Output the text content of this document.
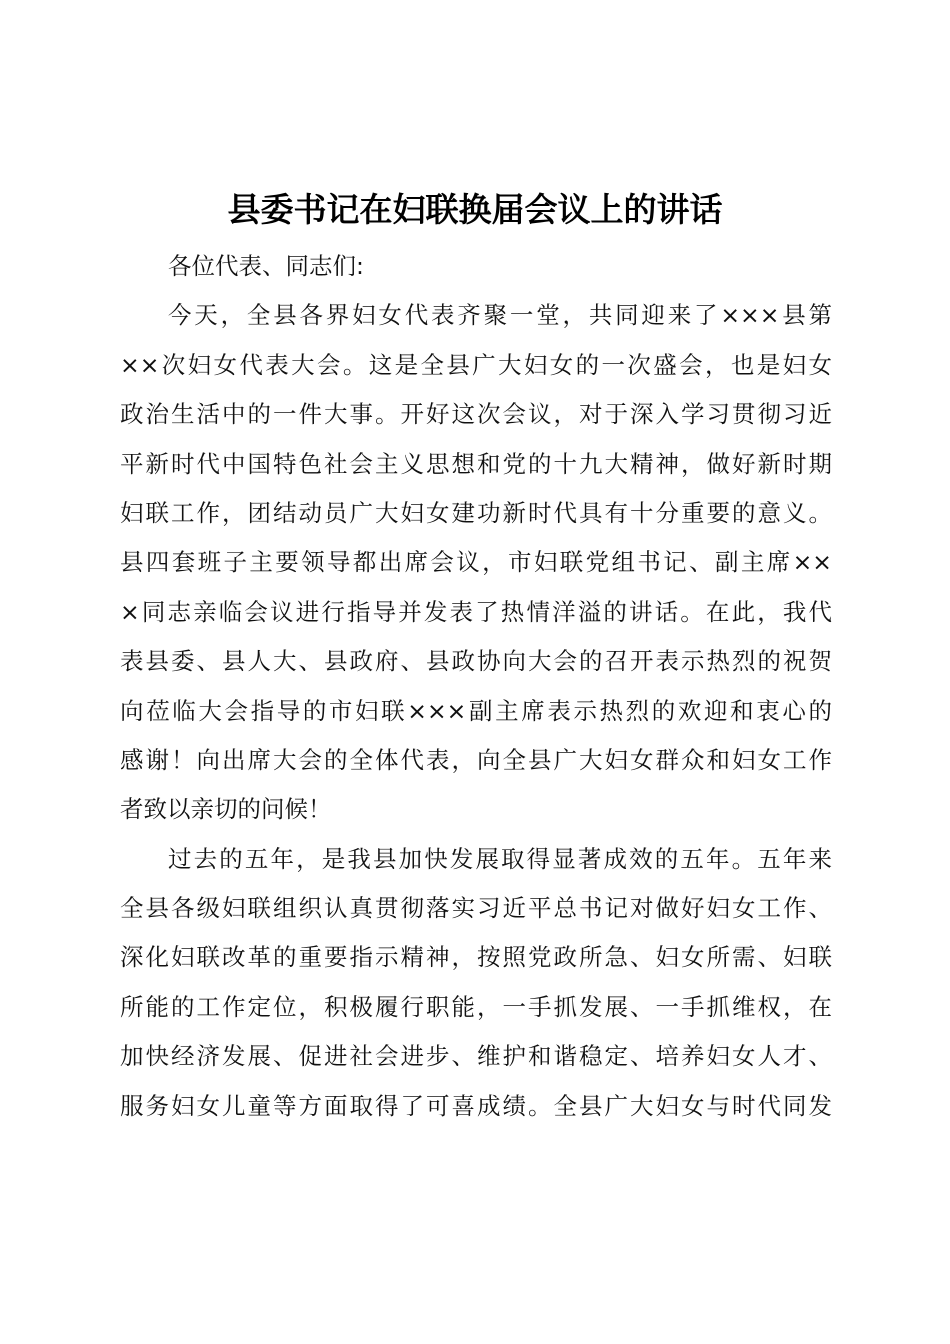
县委书记在妇联换届会议上的讲话
各位代表、同志们:
今天，全县各界妇女代表齐聚一堂，共同迎来了×××县第
××次妇女代表大会。这是全县广大妇女的一次盛会，也是妇女
政治生活中的一件大事。开好这次会议，对于深入学习贯彻习近
平新时代中国特色社会主义思想和党的十九大精神，做好新时期
妇联工作，团结动员广大妇女建功新时代具有十分重要的意义。
县四套班子主要领导都出席会议，市妇联党组书记、副主席××
×同志亲临会议进行指导并发表了热情洋溢的讲话。在此，我代
表县委、县人大、县政府、县政协向大会的召开表示热烈的祝贺
向莅临大会指导的市妇联×××副主席表示热烈的欢迎和衷心的
感谢！向出席大会的全体代表，向全县广大妇女群众和妇女工作
者致以亲切的问候！
过去的五年，是我县加快发展取得显著成效的五年。五年来
全县各级妇联组织认真贯彻落实习近平总书记对做好妇女工作、
深化妇联改革的重要指示精神，按照党政所急、妇女所需、妇联
所能的工作定位，积极履行职能，一手抓发展、一手抓维权，在
加快经济发展、促进社会进步、维护和谐稳定、培养妇女人才、
服务妇女儿童等方面取得了可喜成绩。全县广大妇女与时代同发
